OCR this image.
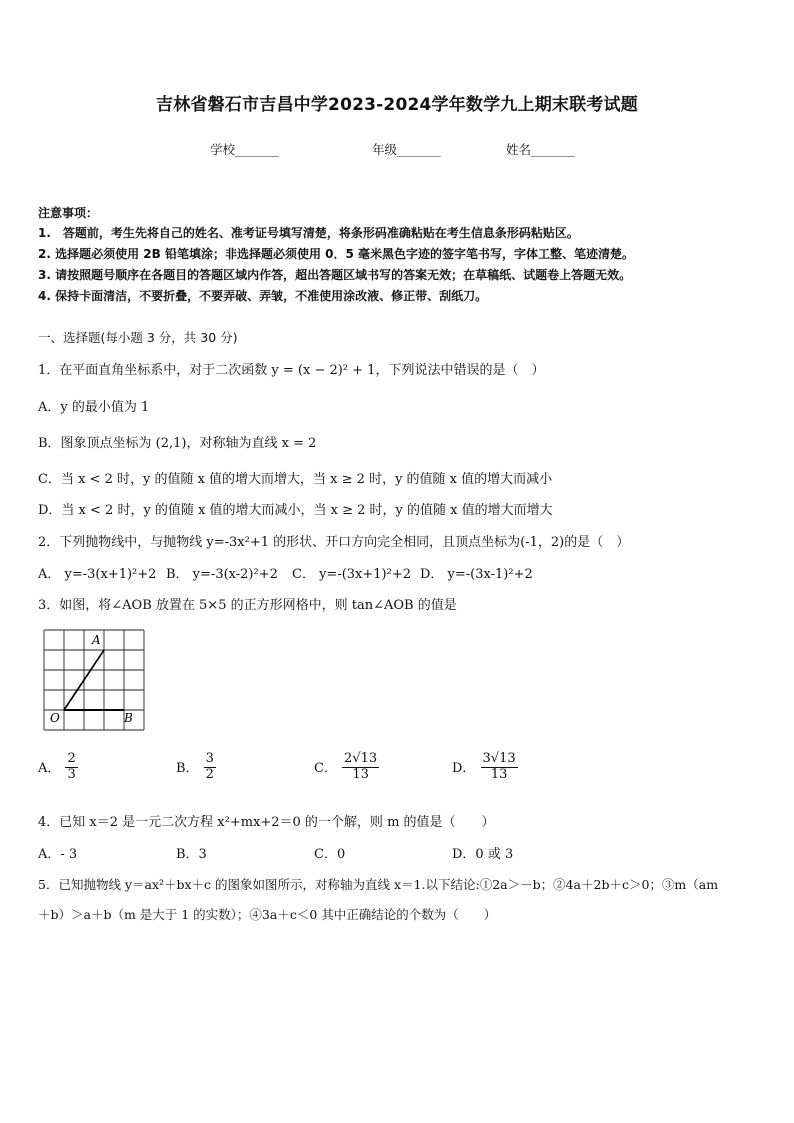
吉林省磐石市吉昌中学2023-2024学年数学九上期末联考试题
学校_______	年级_______	姓名_______
注意事项：
1.　答题前，考生先将自己的姓名、准考证号填写清楚，将条形码准确粘贴在考生信息条形码粘贴区。
2. 选择题必须使用 2B 铅笔填涂；非选择题必须使用 0．5 毫米黑色字迹的签字笔书写，字体工整、笔迹清楚。
3. 请按照题号顺序在各题目的答题区域内作答，超出答题区域书写的答案无效；在草稿纸、试题卷上答题无效。
4. 保持卡面清洁，不要折叠，不要弄破、弄皱，不准使用涂改液、修正带、刮纸刀。
一、选择题(每小题 3 分，共 30 分)
1．在平面直角坐标系中，对于二次函数 y = (x − 2)² + 1，下列说法中错误的是（　）
A．y 的最小值为 1
B．图象顶点坐标为 (2,1)，对称轴为直线 x = 2
C．当 x < 2 时，y 的值随 x 值的增大而增大，当 x ≥ 2 时，y 的值随 x 值的增大而减小
D．当 x < 2 时，y 的值随 x 值的增大而减小，当 x ≥ 2 时，y 的值随 x 值的增大而增大
2．下列抛物线中，与抛物线 y=-3x²+1 的形状、开口方向完全相同，且顶点坐标为(-1，2)的是（　）
A． y=-3(x+1)²+2 B． y=-3(x-2)²+2 C． y=-(3x+1)²+2 D． y=-(3x-1)²+2
3．如图，将∠AOB 放置在 5×5 的正方形网格中，则 tan∠AOB 的值是
A
O	B
A． $\frac{2}{3}$	B． $\frac{3}{2}$	C． $\frac{2√13}{13}$	D． $\frac{3√13}{13}$
4．已知 x＝2 是一元二次方程 x²+mx+2＝0 的一个解，则 m 的值是（　　）
A．- 3	B．3	C．0	D．0 或 3
5．已知抛物线 y＝ax²＋bx＋c 的图象如图所示，对称轴为直线 x＝1.以下结论:①2a＞－b；②4a＋2b＋c＞0；③m（am
＋b）＞a＋b（m 是大于 1 的实数）；④3a＋c＜0 其中正确结论的个数为（　　）
